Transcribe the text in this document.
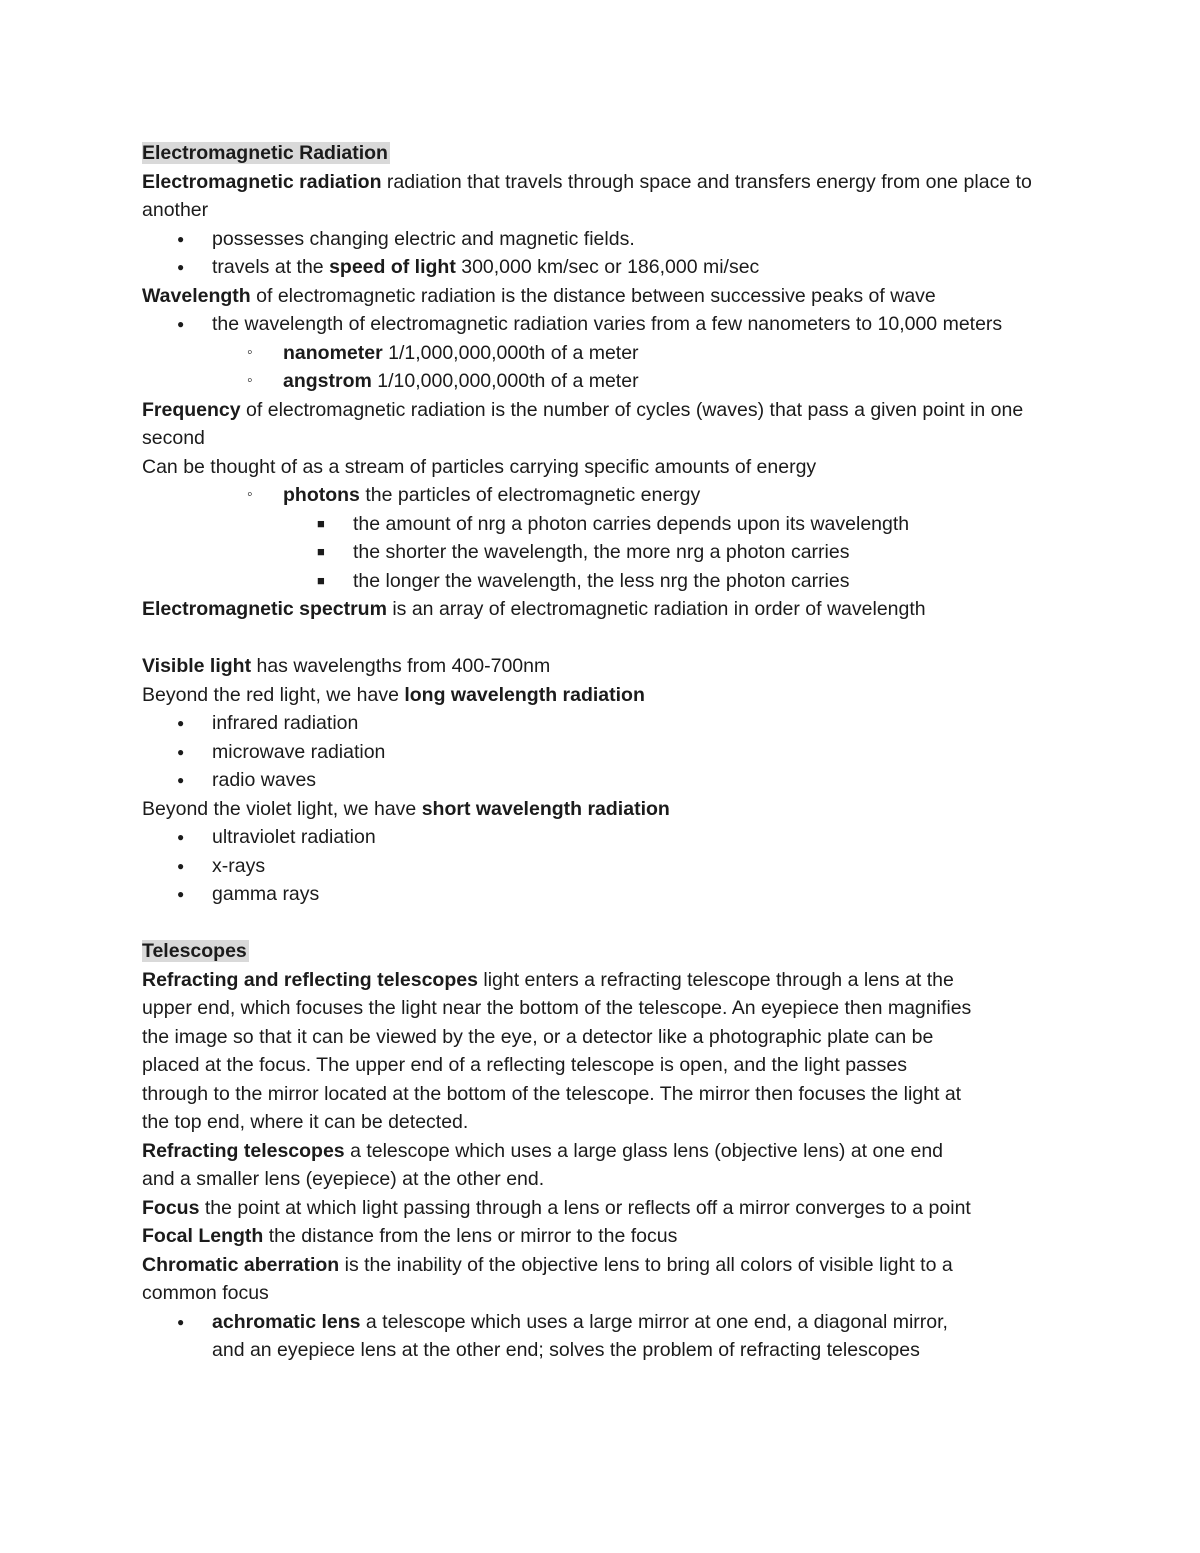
Electromagnetic Radiation
Electromagnetic radiation radiation that travels through space and transfers energy from one place to another
●
possesses changing electric and magnetic fields.
●
travels at the speed of light 300,000 km/sec or 186,000 mi/sec
Wavelength of electromagnetic radiation is the distance between successive peaks of wave
●
the wavelength of electromagnetic radiation varies from a few nanometers to 10,000 meters
◦
nanometer 1/1,000,000,000th of a meter
◦
angstrom 1/10,000,000,000th of a meter
Frequency of electromagnetic radiation is the number of cycles (waves) that pass a given point in one second
Can be thought of as a stream of particles carrying specific amounts of energy
◦
photons the particles of electromagnetic energy
■
the amount of nrg a photon carries depends upon its wavelength
■
the shorter the wavelength, the more nrg a photon carries
■
the longer the wavelength, the less nrg the photon carries
Electromagnetic spectrum is an array of electromagnetic radiation in order of wavelength
Visible light has wavelengths from 400-700nm
Beyond the red light, we have long wavelength radiation
●
infrared radiation
●
microwave radiation
●
radio waves
Beyond the violet light, we have short wavelength radiation
●
ultraviolet radiation
●
x-rays
●
gamma rays
Telescopes
Refracting and reflecting telescopes light enters a refracting telescope through a lens at the
upper end, which focuses the light near the bottom of the telescope. An eyepiece then magnifies
the image so that it can be viewed by the eye, or a detector like a photographic plate can be
placed at the focus. The upper end of a reflecting telescope is open, and the light passes
through to the mirror located at the bottom of the telescope. The mirror then focuses the light at
the top end, where it can be detected.
Refracting telescopes a telescope which uses a large glass lens (objective lens) at one end
and a smaller lens (eyepiece) at the other end.
Focus the point at which light passing through a lens or reflects off a mirror converges to a point
Focal Length the distance from the lens or mirror to the focus
Chromatic aberration is the inability of the objective lens to bring all colors of visible light to a
common focus
●
achromatic lens a telescope which uses a large mirror at one end, a diagonal mirror,
and an eyepiece lens at the other end; solves the problem of refracting telescopes
